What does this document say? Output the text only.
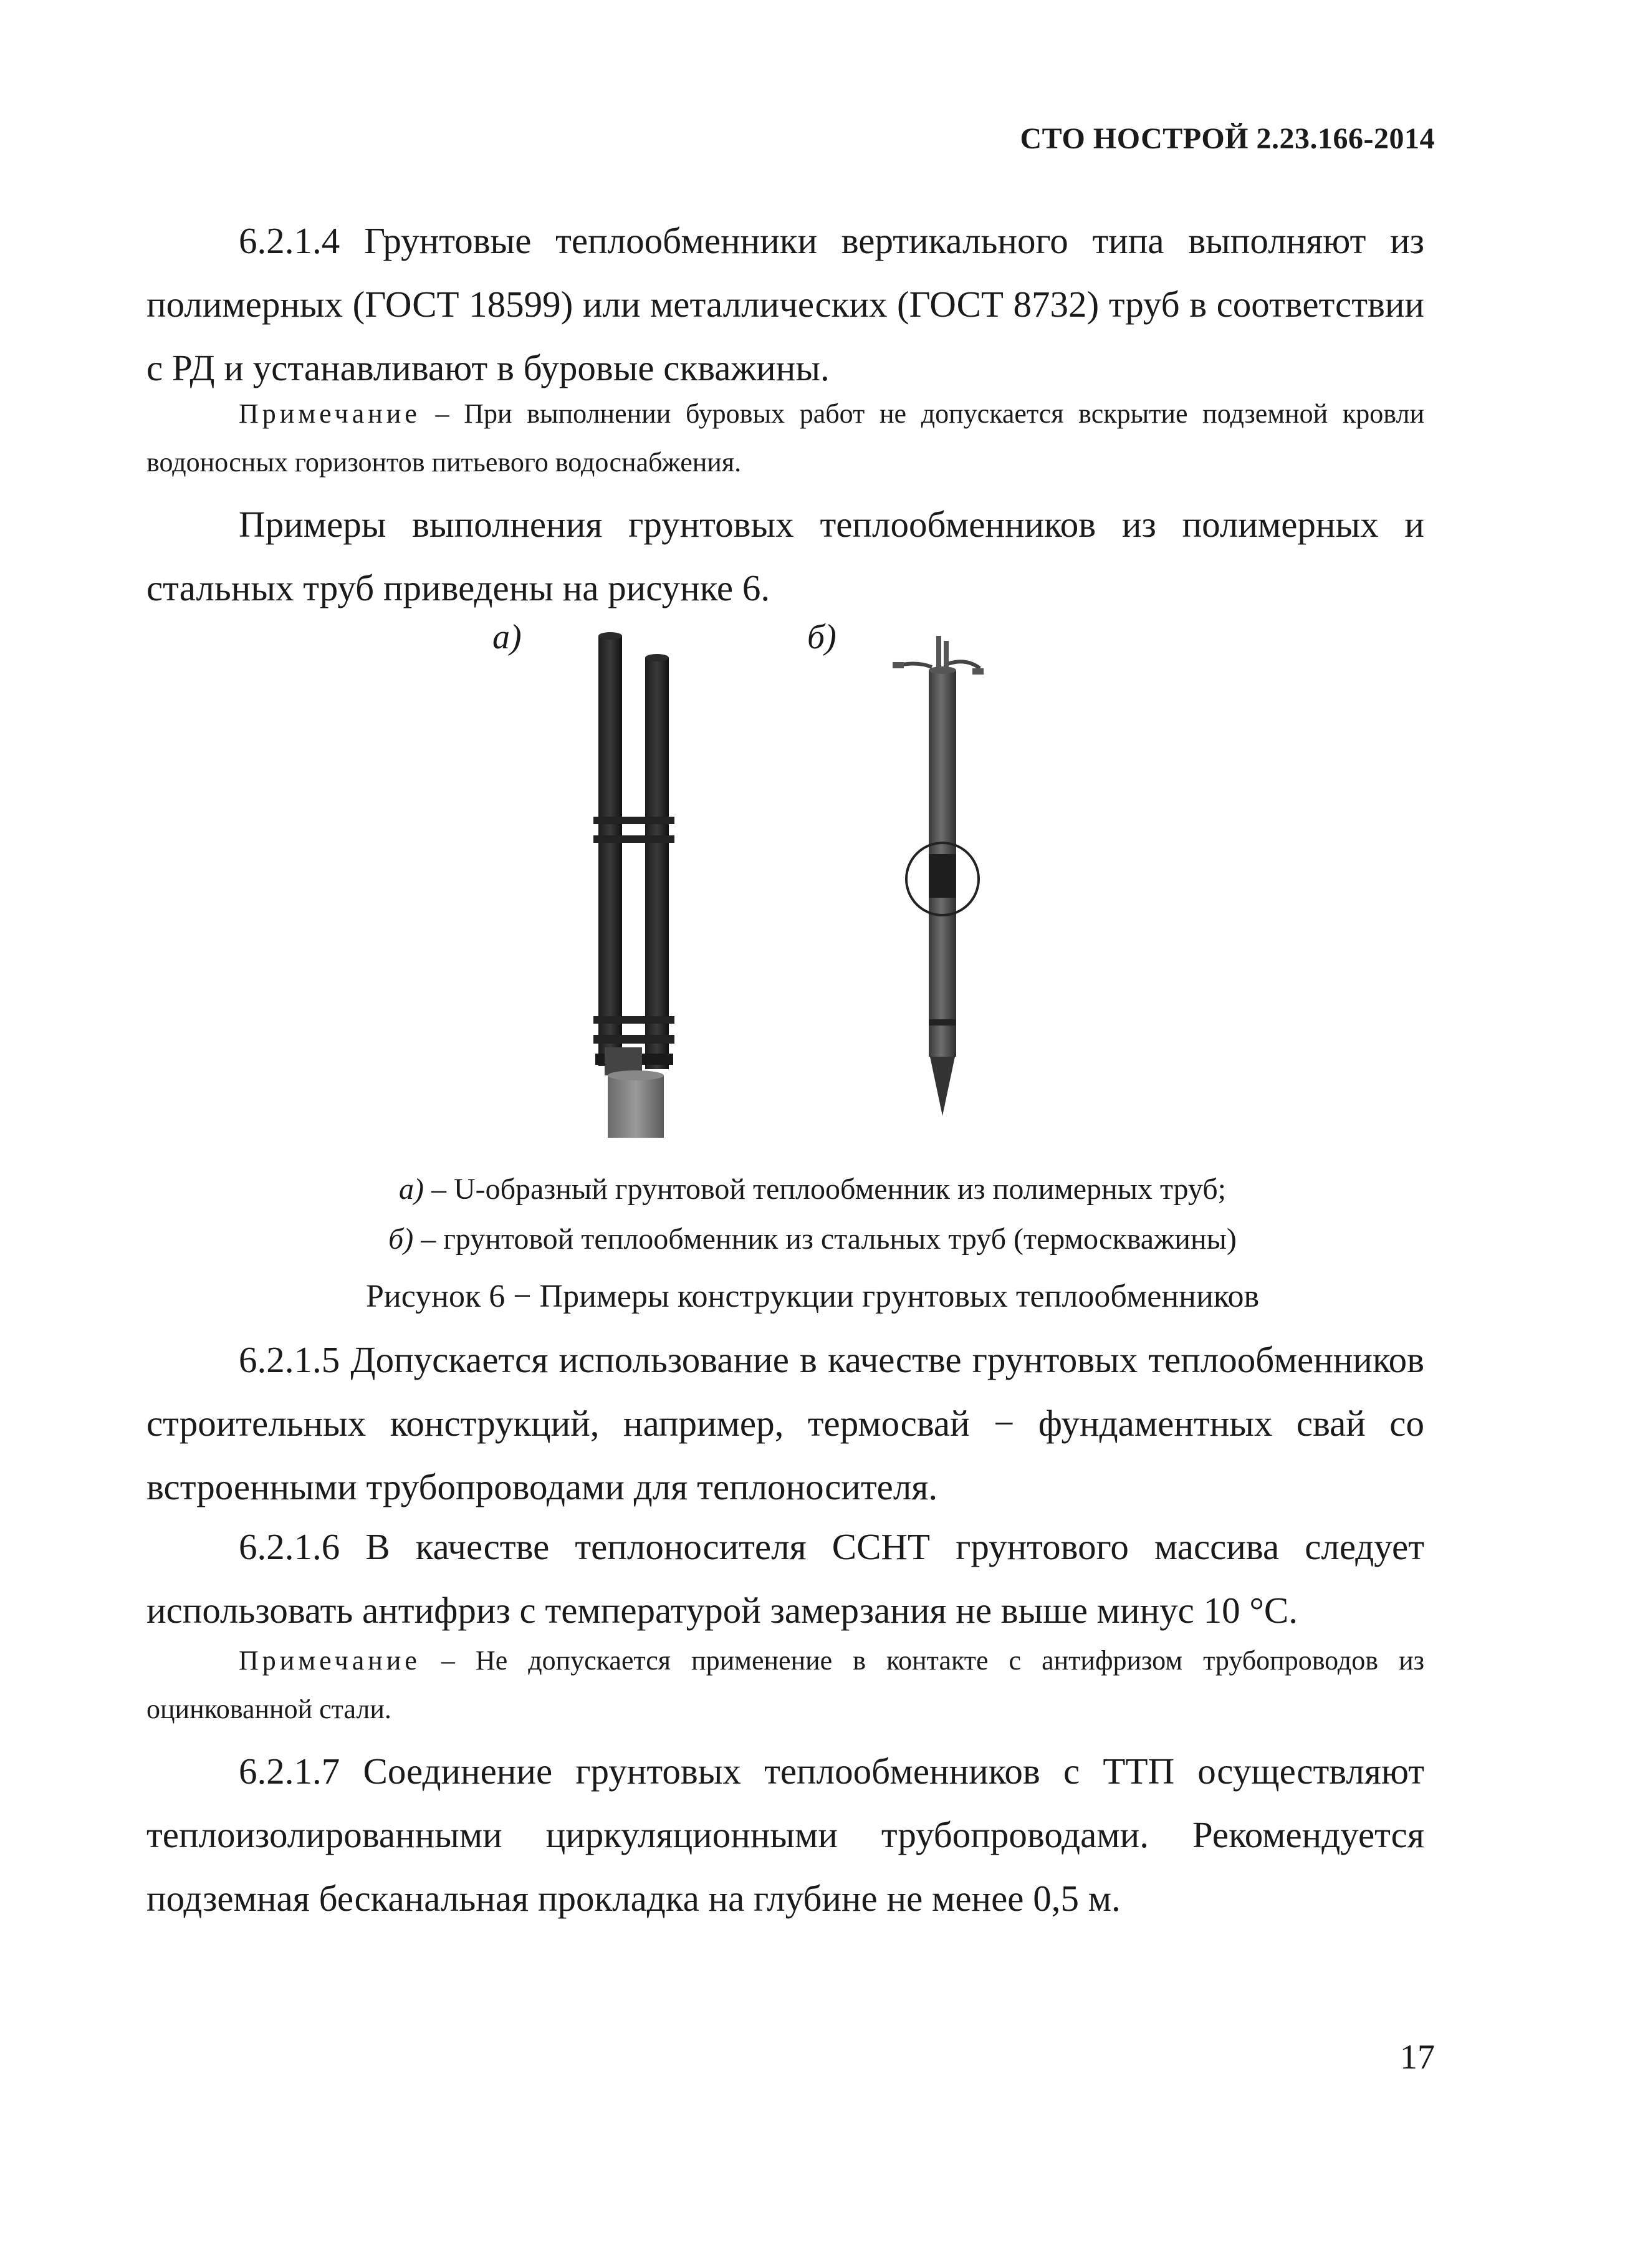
СТО НОСТРОЙ 2.23.166-2014

6.2.1.4 Грунтовые теплообменники вертикального типа выполняют из полимерных (ГОСТ 18599) или металлических (ГОСТ 8732) труб в соответствии с РД и устанавливают в буровые скважины.

Примечание – При выполнении буровых работ не допускается вскрытие подземной кровли водоносных горизонтов питьевого водоснабжения.

Примеры выполнения грунтовых теплообменников из полимерных и стальных труб приведены на рисунке 6.

а)	б)
а) – U-образный грунтовой теплообменник из полимерных труб;
б) – грунтовой теплообменник из стальных труб (термоскважины)
Рисунок 6 − Примеры конструкции грунтовых теплообменников

6.2.1.5 Допускается использование в качестве грунтовых теплообменников строительных конструкций, например, термосвай − фундаментных свай со встроенными трубопроводами для теплоносителя.

6.2.1.6 В качестве теплоносителя ССНТ грунтового массива следует использовать антифриз с температурой замерзания не выше минус 10 °С.

Примечание – Не допускается применение в контакте с антифризом трубопроводов из оцинкованной стали.

6.2.1.7 Соединение грунтовых теплообменников с ТТП осуществляют теплоизолированными циркуляционными трубопроводами. Рекомендуется подземная бесканальная прокладка на глубине не менее 0,5 м.

17
